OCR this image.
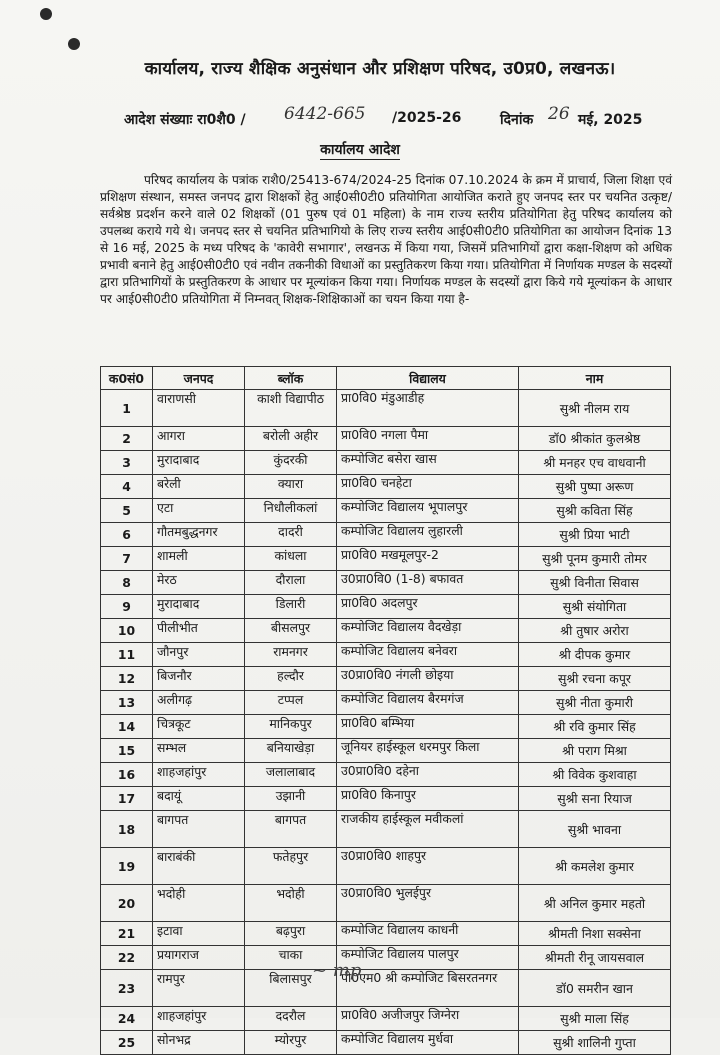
कार्यालय, राज्य शैक्षिक अनुसंधान और प्रशिक्षण परिषद, उ0प्र0, लखनऊ।
आदेश संख्याः रा0शै0 / 6442-665 /2025-26	दिनांक 26 मई, 2025
कार्यालय आदेश
परिषद कार्यालय के पत्रांक राशै0/25413-674/2024-25 दिनांक 07.10.2024 के क्रम में प्राचार्य, जिला शिक्षा एवं प्रशिक्षण संस्थान, समस्त जनपद द्वारा शिक्षकों हेतु आई0सी0टी0 प्रतियोगिता आयोजित कराते हुए जनपद स्तर पर चयनित उत्कृष्ट/सर्वश्रेष्ठ प्रदर्शन करने वाले 02 शिक्षकों (01 पुरुष एवं 01 महिला) के नाम राज्य स्तरीय प्रतियोगिता हेतु परिषद कार्यालय को उपलब्ध कराये गये थे। जनपद स्तर से चयनित प्रतिभागियो के लिए राज्य स्तरीय आई0सी0टी0 प्रतियोगिता का आयोजन दिनांक 13 से 16 मई, 2025 के मध्य परिषद के 'कावेरी सभागार', लखनऊ में किया गया, जिसमें प्रतिभागियों द्वारा कक्षा-शिक्षण को अधिक प्रभावी बनाने हेतु आई0सी0टी0 एवं नवीन तकनीकी विधाओं का प्रस्तुतिकरण किया गया। प्रतियोगिता में निर्णायक मण्डल के सदस्यों द्वारा प्रतिभागियों के प्रस्तुतिकरण के आधार पर मूल्यांकन किया गया। निर्णायक मण्डल के सदस्यों द्वारा किये गये मूल्यांकन के आधार पर आई0सी0टी0 प्रतियोगिता में निम्नवत् शिक्षक-शिक्षिकाओं का चयन किया गया है-
क0सं0	जनपद	ब्लॉक	विद्यालय	नाम
1	वाराणसी	काशी विद्यापीठ	प्रा0वि0 मंडुआडीह	सुश्री नीलम राय
2	आगरा	बरोली अहीर	प्रा0वि0 नगला पैमा	डॉ0 श्रीकांत कुलश्रेष्ठ
3	मुरादाबाद	कुंदरकी	कम्पोजिट बसेरा खास	श्री मनहर एच वाधवानी
4	बरेली	क्यारा	प्रा0वि0 चनहेटा	सुश्री पुष्पा अरूण
5	एटा	निधौलीकलां	कम्पोजिट विद्यालय भूपालपुर	सुश्री कविता सिंह
6	गौतमबुद्धनगर	दादरी	कम्पोजिट विद्यालय लुहारली	सुश्री प्रिया भाटी
7	शामली	कांधला	प्रा0वि0 मखमूलपुर-2	सुश्री पूनम कुमारी तोमर
8	मेरठ	दौराला	उ0प्रा0वि0 (1-8) बफावत	सुश्री विनीता सिवास
9	मुरादाबाद	डिलारी	प्रा0वि0 अदलपुर	सुश्री संयोगिता
10	पीलीभीत	बीसलपुर	कम्पोजिट विद्यालय वैदखेड़ा	श्री तुषार अरोरा
11	जौनपुर	रामनगर	कम्पोजिट विद्यालय बनेवरा	श्री दीपक कुमार
12	बिजनौर	हल्दौर	उ0प्रा0वि0 नंगली छोइया	सुश्री रचना कपूर
13	अलीगढ़	टप्पल	कम्पोजिट विद्यालय बैरमगंज	सुश्री नीता कुमारी
14	चित्रकूट	मानिकपुर	प्रा0वि0 बम्भिया	श्री रवि कुमार सिंह
15	सम्भल	बनियाखेड़ा	जूनियर हाईस्कूल धरमपुर किला	श्री पराग मिश्रा
16	शाहजहांपुर	जलालाबाद	उ0प्रा0वि0 दहेना	श्री विवेक कुशवाहा
17	बदायूं	उझानी	प्रा0वि0 किनापुर	सुश्री सना रियाज
18	बागपत	बागपत	राजकीय हाईस्कूल मवीकलां	सुश्री भावना
19	बाराबंकी	फतेहपुर	उ0प्रा0वि0 शाहपुर	श्री कमलेश कुमार
20	भदोही	भदोही	उ0प्रा0वि0 भुलईपुर	श्री अनिल कुमार महतो
21	इटावा	बढ़पुरा	कम्पोजिट विद्यालय काधनी	श्रीमती निशा सक्सेना
22	प्रयागराज	चाका	कम्पोजिट विद्यालय पालपुर	श्रीमती रीनू जायसवाल
23	रामपुर	बिलासपुर	पी0एम0 श्री कम्पोजिट बिसरतनगर	डॉ0 समरीन खान
24	शाहजहांपुर	ददरौल	प्रा0वि0 अजीजपुर जिग्नेरा	सुश्री माला सिंह
25	सोनभद्र	म्योरपुर	कम्पोजिट विद्यालय मुर्धवा	सुश्री शालिनी गुप्ता
~ mp
